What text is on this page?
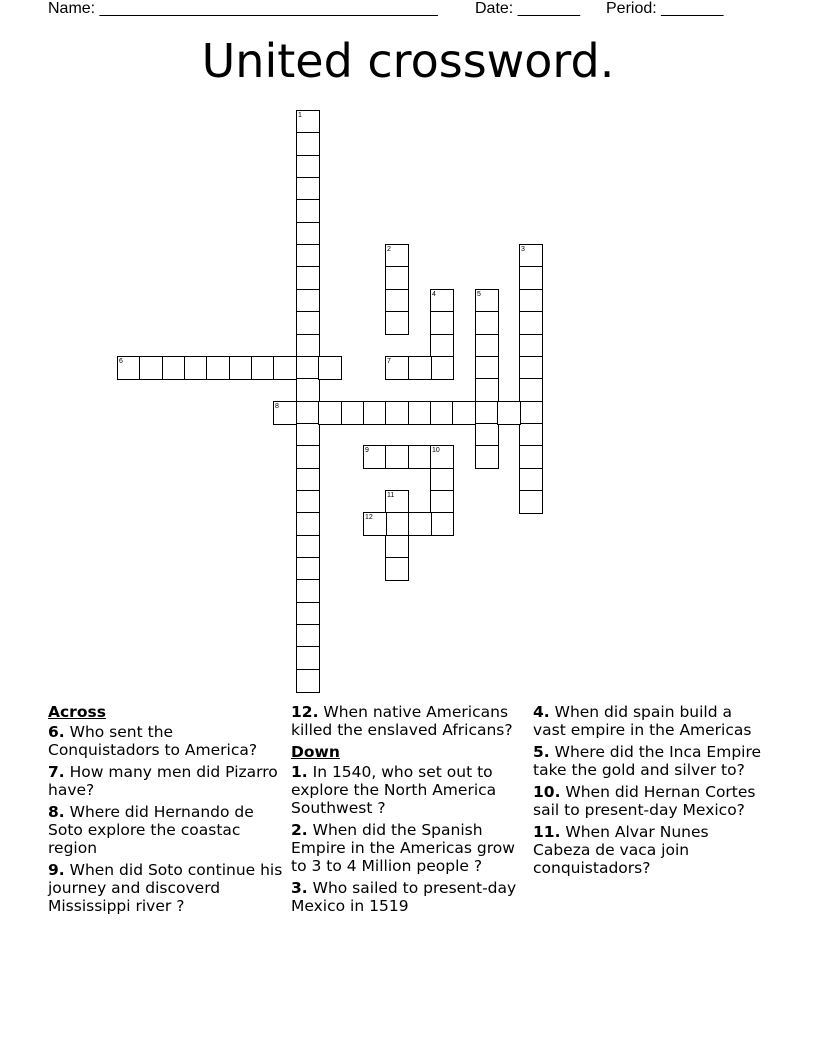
Name: ______________________________________ Date: _______ Period: _______
United crossword.
1
2	3
4	5
6	7
8
9	10
11
12
Across
6. Who sent the Conquistadors to America?
7. How many men did Pizarro have?
8. Where did Hernando de Soto explore the coastac region
9. When did Soto continue his journey and discoverd Mississippi river ?
12. When native Americans killed the enslaved Africans?
Down
1. In 1540, who set out to explore the North America Southwest ?
2. When did the Spanish Empire in the Americas grow to 3 to 4 Million people ?
3. Who sailed to present-day Mexico in 1519
4. When did spain build a vast empire in the Americas
5. Where did the Inca Empire take the gold and silver to?
10. When did Hernan Cortes sail to present-day Mexico?
11. When Alvar Nunes Cabeza de vaca join conquistadors?
